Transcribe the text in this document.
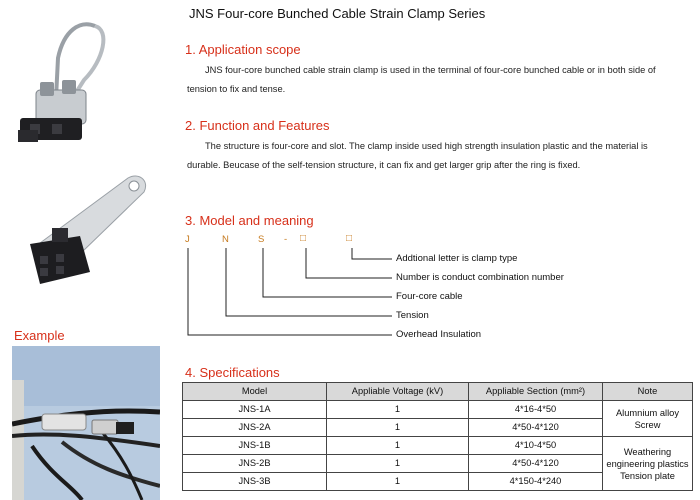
JNS Four-core Bunched Cable Strain Clamp Series
Example
1. Application scope
JNS four-core bunched cable strain clamp is used in the terminal of four-core bunched cable or in both side of tension to fix and tense.
2. Function and Features
The structure is four-core and slot. The clamp inside used high strength insulation plastic and the material is durable. Beucase of the self-tension structure, it can fix and get larger grip after the ring is fixed.
3. Model and meaning
J	N	S - □	□
Addtional letter is clamp type
Number is conduct combination number
Four-core cable
Tension
Overhead Insulation
4. Specifications
Model	Appliable Voltage (kV)	Appliable Section (mm²)	Note
JNS-1A	1	4*16-4*50	Alumnium alloy Screw
JNS-2A	1	4*50-4*120	
JNS-1B	1	4*10-4*50	Weathering engineering plastics Tension plate
JNS-2B	1	4*50-4*120	
JNS-3B	1	4*150-4*240	
